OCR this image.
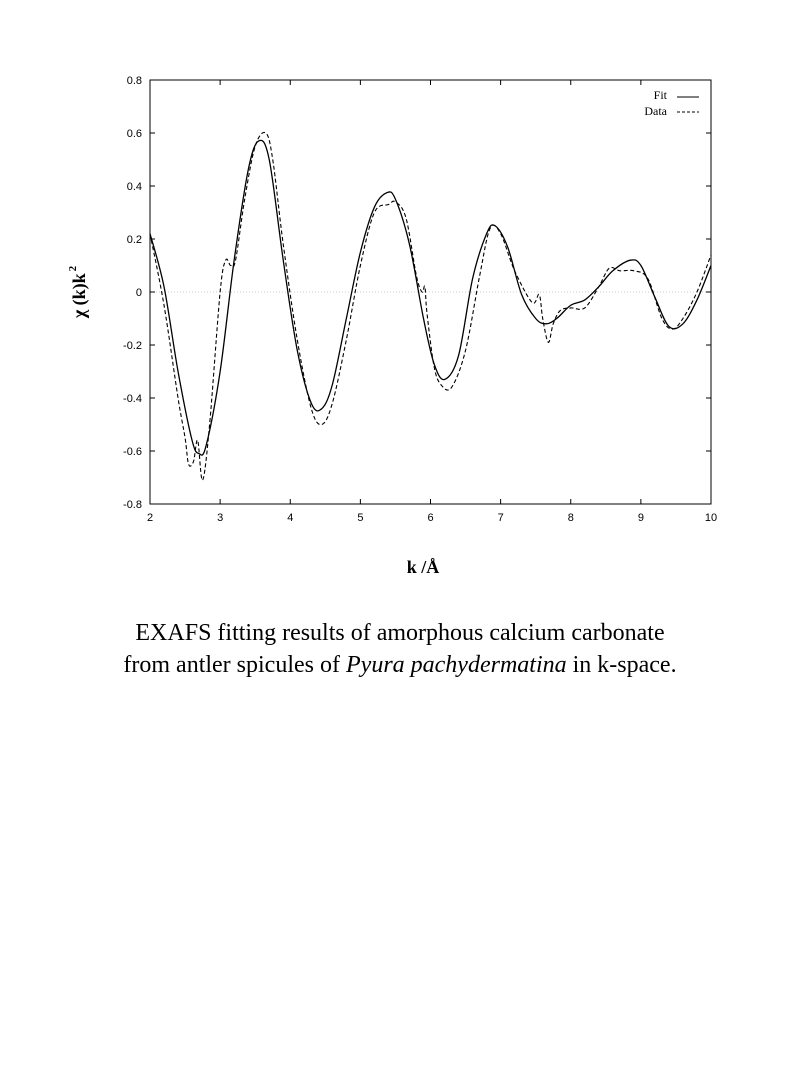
2	3	4	5	6	7	8	9	10
0.8
0.6
0.4
0.2
0
-0.2
-0.4
-0.6
-0.8
Fit
Data
χ $(k)k^2$
k /Å
EXAFS fitting results of amorphous calcium carbonate
from antler spicules of Pyura pachydermatina in k-space.
